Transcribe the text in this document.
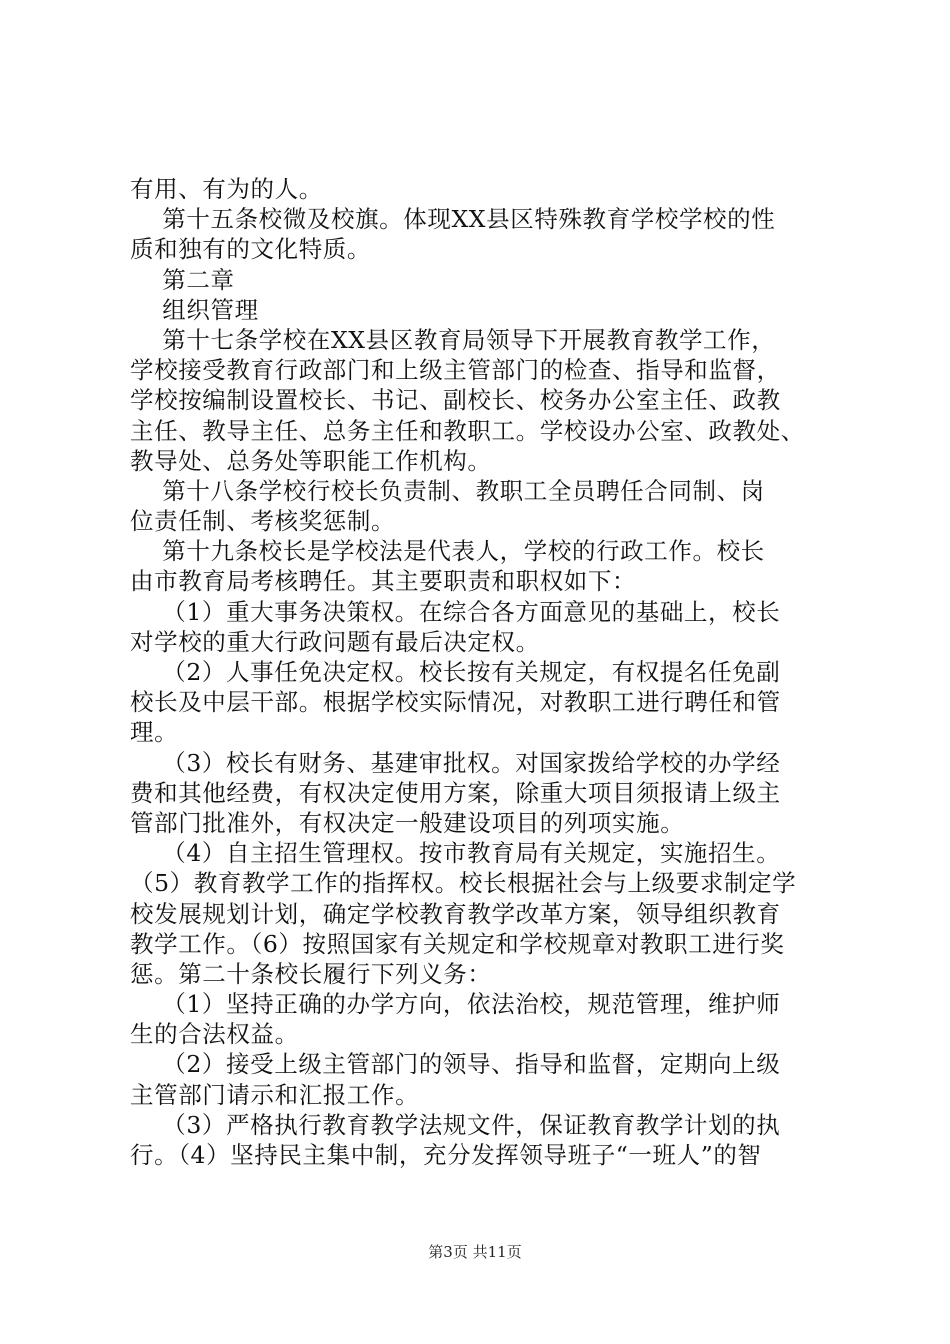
有用、有为的人。
第十五条校微及校旗。体现XX县区特殊教育学校学校的性
质和独有的文化特质。
第二章
组织管理
第十七条学校在XX县区教育局领导下开展教育教学工作，
学校接受教育行政部门和上级主管部门的检查、指导和监督，
学校按编制设置校长、书记、副校长、校务办公室主任、政教
主任、教导主任、总务主任和教职工。学校设办公室、政教处、
教导处、总务处等职能工作机构。
第十八条学校行校长负责制、教职工全员聘任合同制、岗
位责任制、考核奖惩制。
第十九条校长是学校法是代表人，学校的行政工作。校长
由市教育局考核聘任。其主要职责和职权如下：
（1）重大事务决策权。在综合各方面意见的基础上，校长
对学校的重大行政问题有最后决定权。
（2）人事任免决定权。校长按有关规定，有权提名任免副
校长及中层干部。根据学校实际情况，对教职工进行聘任和管
理。
（3）校长有财务、基建审批权。对国家拨给学校的办学经
费和其他经费，有权决定使用方案，除重大项目须报请上级主
管部门批准外，有权决定一般建设项目的列项实施。
（4）自主招生管理权。按市教育局有关规定，实施招生。
（5）教育教学工作的指挥权。校长根据社会与上级要求制定学
校发展规划计划，确定学校教育教学改革方案，领导组织教育
教学工作。（6）按照国家有关规定和学校规章对教职工进行奖
惩。第二十条校长履行下列义务：
（1）坚持正确的办学方向，依法治校，规范管理，维护师
生的合法权益。
（2）接受上级主管部门的领导、指导和监督，定期向上级
主管部门请示和汇报工作。
（3）严格执行教育教学法规文件，保证教育教学计划的执
行。（4）坚持民主集中制，充分发挥领导班子“一班人”的智
第3页 共11页
